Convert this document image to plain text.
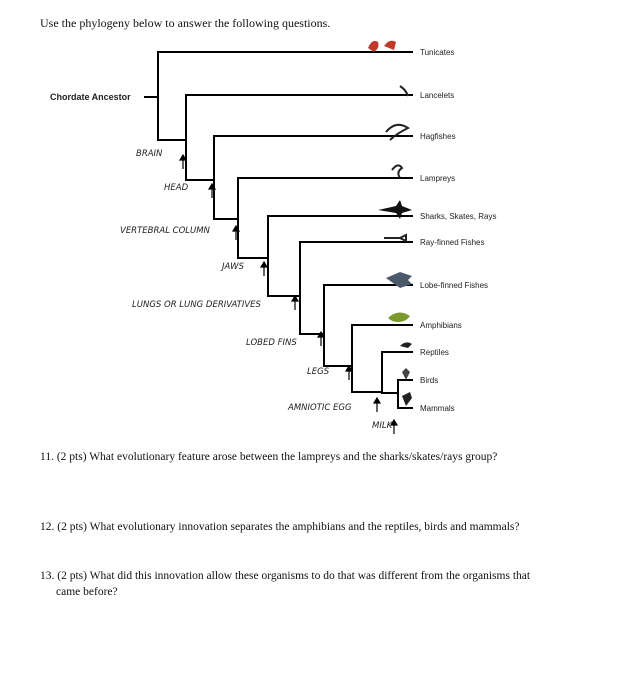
Use the phylogeny below to answer the following questions.
BRAIN
HEAD
VERTEBRAL COLUMN
JAWS
LUNGS OR LUNG DERIVATIVES
LOBED FINS
LEGS
AMNIOTIC EGG
MILK
Chordate Ancestor
Tunicates
Lancelets
Hagfishes
Lampreys
Sharks, Skates, Rays
Ray-finned Fishes
Lobe-finned Fishes
Amphibians
Reptiles
Birds
Mammals
11. (2 pts) What evolutionary feature arose between the lampreys and the sharks/skates/rays group?
12. (2 pts) What evolutionary innovation separates the amphibians and the reptiles, birds and mammals?
13. (2 pts) What did this innovation allow these organisms to do that was different from the organisms that
came before?
